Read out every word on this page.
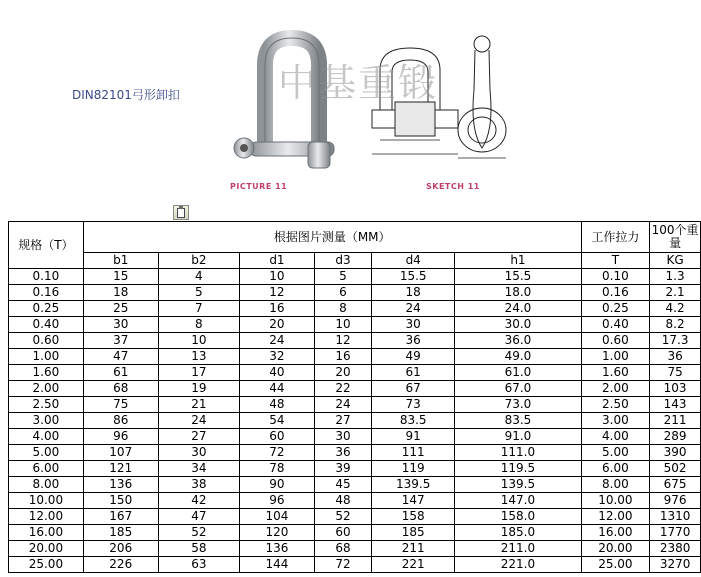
DIN82101弓形卸扣	中基重锻
PICTURE 11	SKETCH 11
规格（T）	根据图片测量（MM）						工作拉力	100个重量
	b1	b2	d1	d3	d4	h1	T	KG
0.10	15	4	10	5	15.5	15.5	0.10	1.3
0.16	18	5	12	6	18	18.0	0.16	2.1
0.25	25	7	16	8	24	24.0	0.25	4.2
0.40	30	8	20	10	30	30.0	0.40	8.2
0.60	37	10	24	12	36	36.0	0.60	17.3
1.00	47	13	32	16	49	49.0	1.00	36
1.60	61	17	40	20	61	61.0	1.60	75
2.00	68	19	44	22	67	67.0	2.00	103
2.50	75	21	48	24	73	73.0	2.50	143
3.00	86	24	54	27	83.5	83.5	3.00	211
4.00	96	27	60	30	91	91.0	4.00	289
5.00	107	30	72	36	111	111.0	5.00	390
6.00	121	34	78	39	119	119.5	6.00	502
8.00	136	38	90	45	139.5	139.5	8.00	675
10.00	150	42	96	48	147	147.0	10.00	976
12.00	167	47	104	52	158	158.0	12.00	1310
16.00	185	52	120	60	185	185.0	16.00	1770
20.00	206	58	136	68	211	211.0	20.00	2380
25.00	226	63	144	72	221	221.0	25.00	3270
